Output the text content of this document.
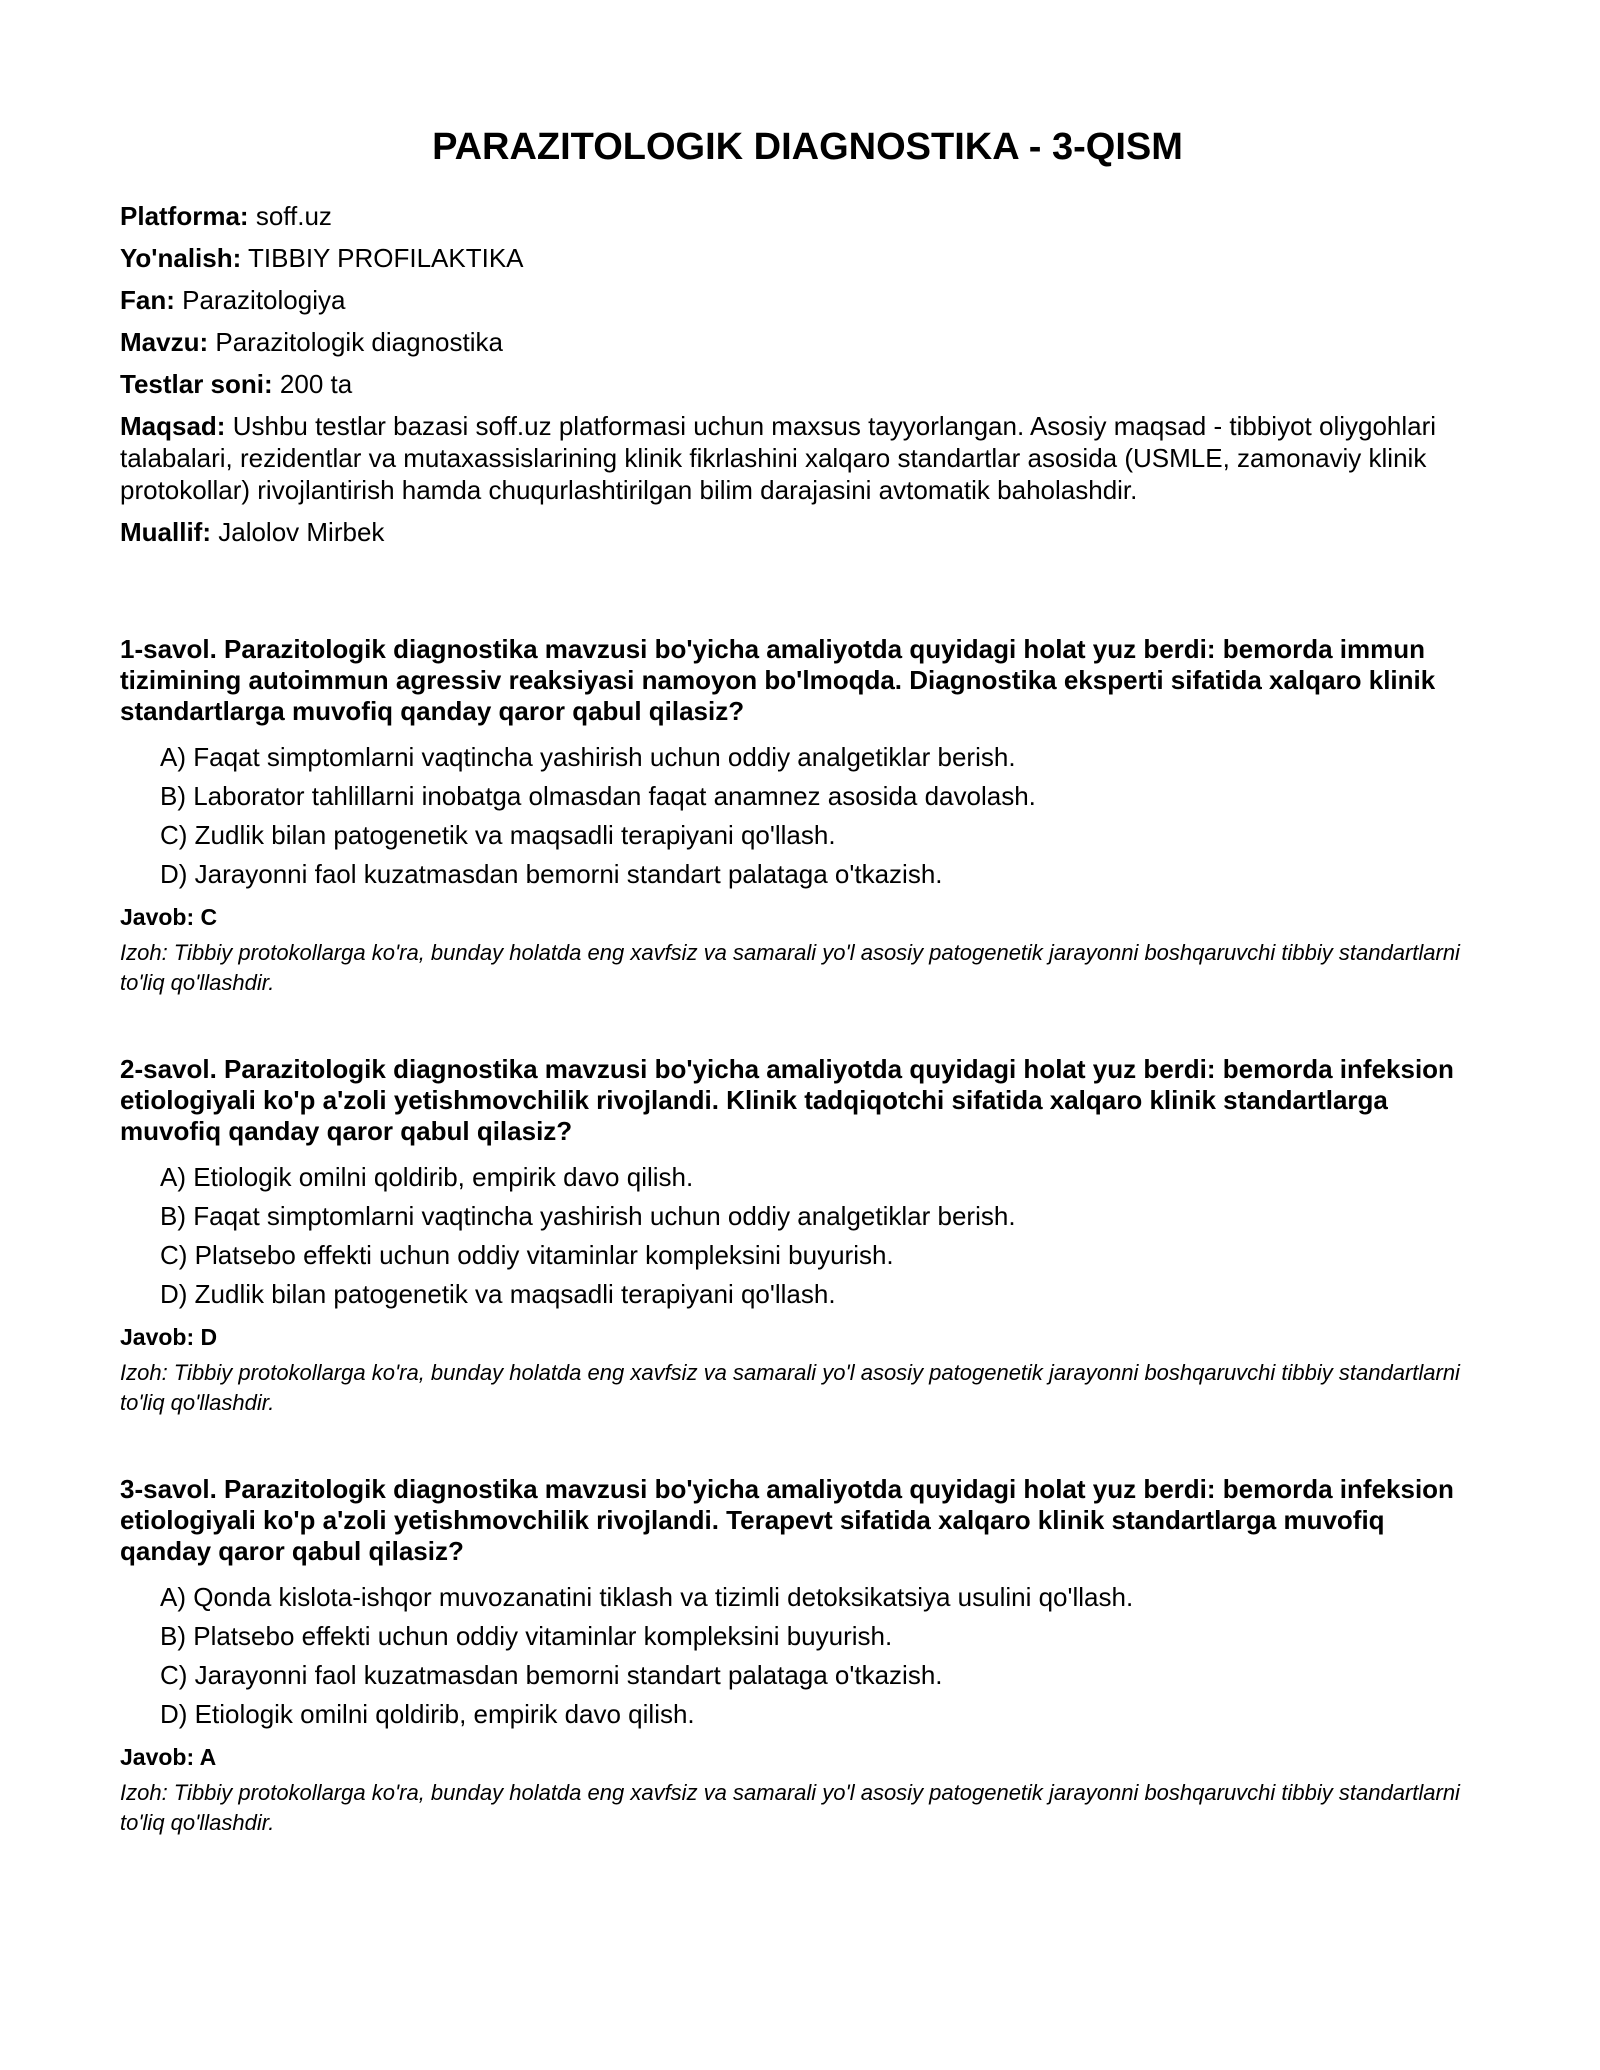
PARAZITOLOGIK DIAGNOSTIKA - 3-QISM

Platforma: soff.uz

Yo'nalish: TIBBIY PROFILAKTIKA

Fan: Parazitologiya

Mavzu: Parazitologik diagnostika

Testlar soni: 200 ta

Maqsad: Ushbu testlar bazasi soff.uz platformasi uchun maxsus tayyorlangan. Asosiy maqsad - tibbiyot oliygohlari talabalari, rezidentlar va mutaxassislarining klinik fikrlashini xalqaro standartlar asosida (USMLE, zamonaviy klinik protokollar) rivojlantirish hamda chuqurlashtirilgan bilim darajasini avtomatik baholashdir.

Muallif: Jalolov Mirbek

1-savol. Parazitologik diagnostika mavzusi bo'yicha amaliyotda quyidagi holat yuz berdi: bemorda immun tizimining autoimmun agressiv reaksiyasi namoyon bo'lmoqda. Diagnostika eksperti sifatida xalqaro klinik standartlarga muvofiq qanday qaror qabul qilasiz?

A) Faqat simptomlarni vaqtincha yashirish uchun oddiy analgetiklar berish.
B) Laborator tahlillarni inobatga olmasdan faqat anamnez asosida davolash.
C) Zudlik bilan patogenetik va maqsadli terapiyani qo'llash.
D) Jarayonni faol kuzatmasdan bemorni standart palataga o'tkazish.

Javob: C

Izoh: Tibbiy protokollarga ko'ra, bunday holatda eng xavfsiz va samarali yo'l asosiy patogenetik jarayonni boshqaruvchi tibbiy standartlarni to'liq qo'llashdir.

2-savol. Parazitologik diagnostika mavzusi bo'yicha amaliyotda quyidagi holat yuz berdi: bemorda infeksion etiologiyali ko'p a'zoli yetishmovchilik rivojlandi. Klinik tadqiqotchi sifatida xalqaro klinik standartlarga muvofiq qanday qaror qabul qilasiz?

A) Etiologik omilni qoldirib, empirik davo qilish.
B) Faqat simptomlarni vaqtincha yashirish uchun oddiy analgetiklar berish.
C) Platsebo effekti uchun oddiy vitaminlar kompleksini buyurish.
D) Zudlik bilan patogenetik va maqsadli terapiyani qo'llash.

Javob: D

Izoh: Tibbiy protokollarga ko'ra, bunday holatda eng xavfsiz va samarali yo'l asosiy patogenetik jarayonni boshqaruvchi tibbiy standartlarni to'liq qo'llashdir.

3-savol. Parazitologik diagnostika mavzusi bo'yicha amaliyotda quyidagi holat yuz berdi: bemorda infeksion etiologiyali ko'p a'zoli yetishmovchilik rivojlandi. Terapevt sifatida xalqaro klinik standartlarga muvofiq qanday qaror qabul qilasiz?

A) Qonda kislota-ishqor muvozanatini tiklash va tizimli detoksikatsiya usulini qo'llash.
B) Platsebo effekti uchun oddiy vitaminlar kompleksini buyurish.
C) Jarayonni faol kuzatmasdan bemorni standart palataga o'tkazish.
D) Etiologik omilni qoldirib, empirik davo qilish.

Javob: A

Izoh: Tibbiy protokollarga ko'ra, bunday holatda eng xavfsiz va samarali yo'l asosiy patogenetik jarayonni boshqaruvchi tibbiy standartlarni to'liq qo'llashdir.
